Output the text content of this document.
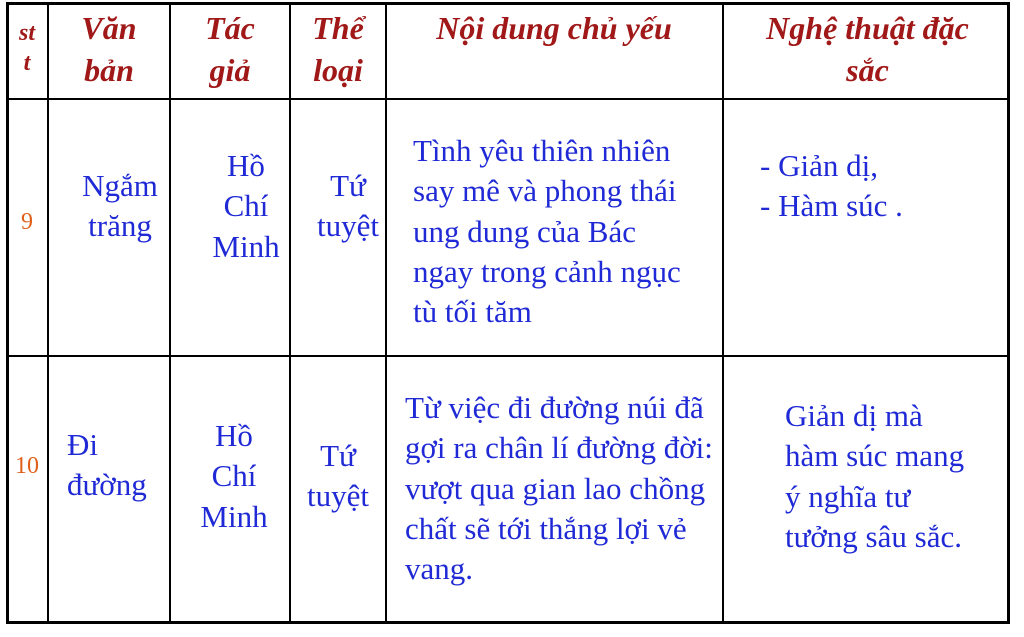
st
t
Văn
bản
Tác
giả
Thể
loại
Nội dung chủ yếu	Nghệ thuật đặc
sắc
9
Ngắm
trăng
Hồ
Chí
Minh
Tứ
tuyệt
Tình yêu thiên nhiên
say mê và phong thái
ung dung của Bác
ngay trong cảnh ngục
tù tối tăm
- Giản dị,
- Hàm súc .
10
Đi
đường
Hồ
Chí
Minh
Tứ
tuyệt
Từ việc đi đường núi đã
gợi ra chân lí đường đời:
vượt qua gian lao chồng
chất sẽ tới thắng lợi vẻ
vang.
Giản dị mà
hàm súc mang
ý nghĩa tư
tưởng sâu sắc.
